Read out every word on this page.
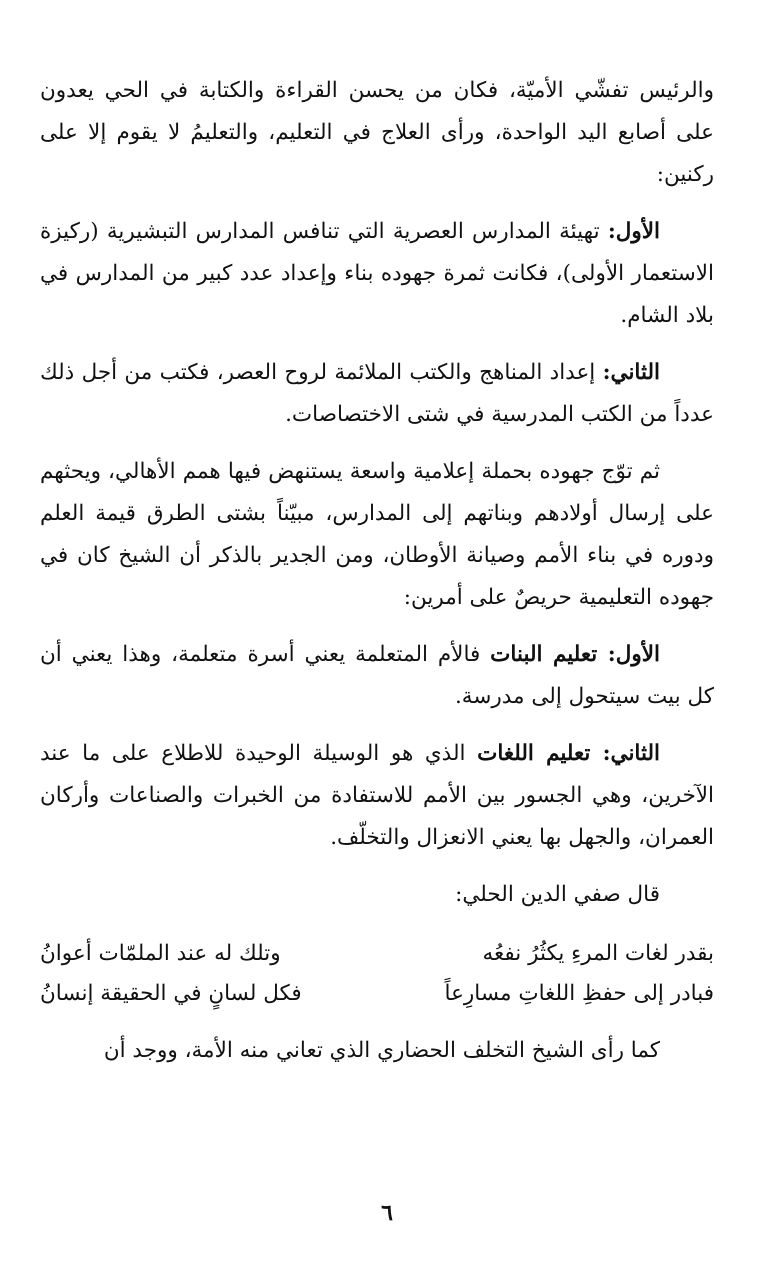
والرئيس تفشّي الأميّة، فكان من يحسن القراءة والكتابة في الحي يعدون على أصابع اليد الواحدة، ورأى العلاج في التعليم، والتعليمُ لا يقوم إلا على ركنين:

الأول: تهيئة المدارس العصرية التي تنافس المدارس التبشيرية (ركيزة الاستعمار الأولى)، فكانت ثمرة جهوده بناء وإعداد عدد كبير من المدارس في بلاد الشام.

الثاني: إعداد المناهج والكتب الملائمة لروح العصر، فكتب من أجل ذلك عدداً من الكتب المدرسية في شتى الاختصاصات.

ثم توّج جهوده بحملة إعلامية واسعة يستنهض فيها همم الأهالي، ويحثهم على إرسال أولادهم وبناتهم إلى المدارس، مبيّناً بشتى الطرق قيمة العلم ودوره في بناء الأمم وصيانة الأوطان، ومن الجدير بالذكر أن الشيخ كان في جهوده التعليمية حريصٌ على أمرين:

الأول: تعليم البنات فالأم المتعلمة يعني أسرة متعلمة، وهذا يعني أن كل بيت سيتحول إلى مدرسة.

الثاني: تعليم اللغات الذي هو الوسيلة الوحيدة للاطلاع على ما عند الآخرين، وهي الجسور بين الأمم للاستفادة من الخبرات والصناعات وأركان العمران، والجهل بها يعني الانعزال والتخلّف.

قال صفي الدين الحلي:

بقدر لغات المرءِ يكثُرُ نفعُه
وتلك له عند الملمّات أعوانُ
فبادر إلى حفظِ اللغاتِ مسارِعاً
فكل لسانٍ في الحقيقة إنسانُ

كما رأى الشيخ التخلف الحضاري الذي تعاني منه الأمة، ووجد أن

٦
